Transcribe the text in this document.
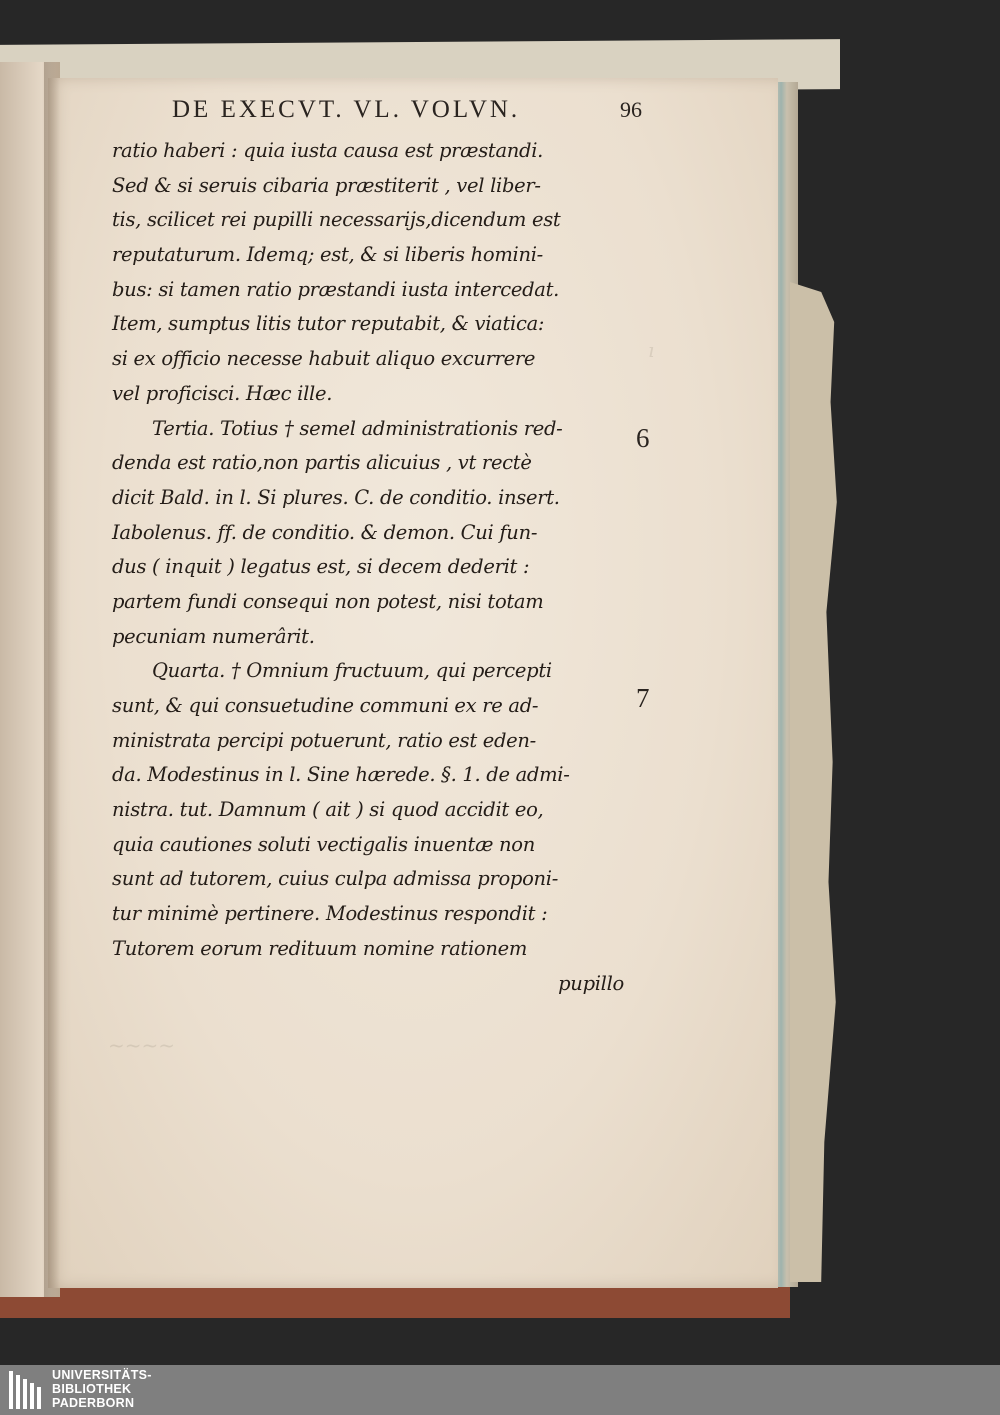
ı
~~~~
DE EXECVT. VL. VOLVN.	96
ratio haberi : quia iusta causa est præstandi.
Sed & si seruis cibaria præstiterit , vel liber-
tis, scilicet rei pupilli necessarijs,dicendum est
reputaturum. Idemq; est, & si liberis homini-
bus: si tamen ratio præstandi iusta intercedat.
Item, sumptus litis tutor reputabit, & viatica:
si ex officio necesse habuit aliquo excurrere
vel proficisci. Hæc ille.
Tertia. Totius † semel administrationis red-
denda est ratio,non partis alicuius , vt rectè
dicit Bald. in l. Si plures. C. de conditio. insert.
Iabolenus. ff. de conditio. & demon. Cui fun-
dus ( inquit ) legatus est, si decem dederit :
partem fundi consequi non potest, nisi totam
pecuniam numerârit.
Quarta. † Omnium fructuum, qui percepti
sunt, & qui consuetudine communi ex re ad-
ministrata percipi potuerunt, ratio est eden-
da. Modestinus in l. Sine hærede. §. 1. de admi-
nistra. tut. Damnum ( ait ) si quod accidit eo,
quia cautiones soluti vectigalis inuentæ non
sunt ad tutorem, cuius culpa admissa proponi-
tur minimè pertinere. Modestinus respondit :
Tutorem eorum redituum nomine rationem
pupillo
6
7
UNIVERSITÄTS-
BIBLIOTHEK
PADERBORN
